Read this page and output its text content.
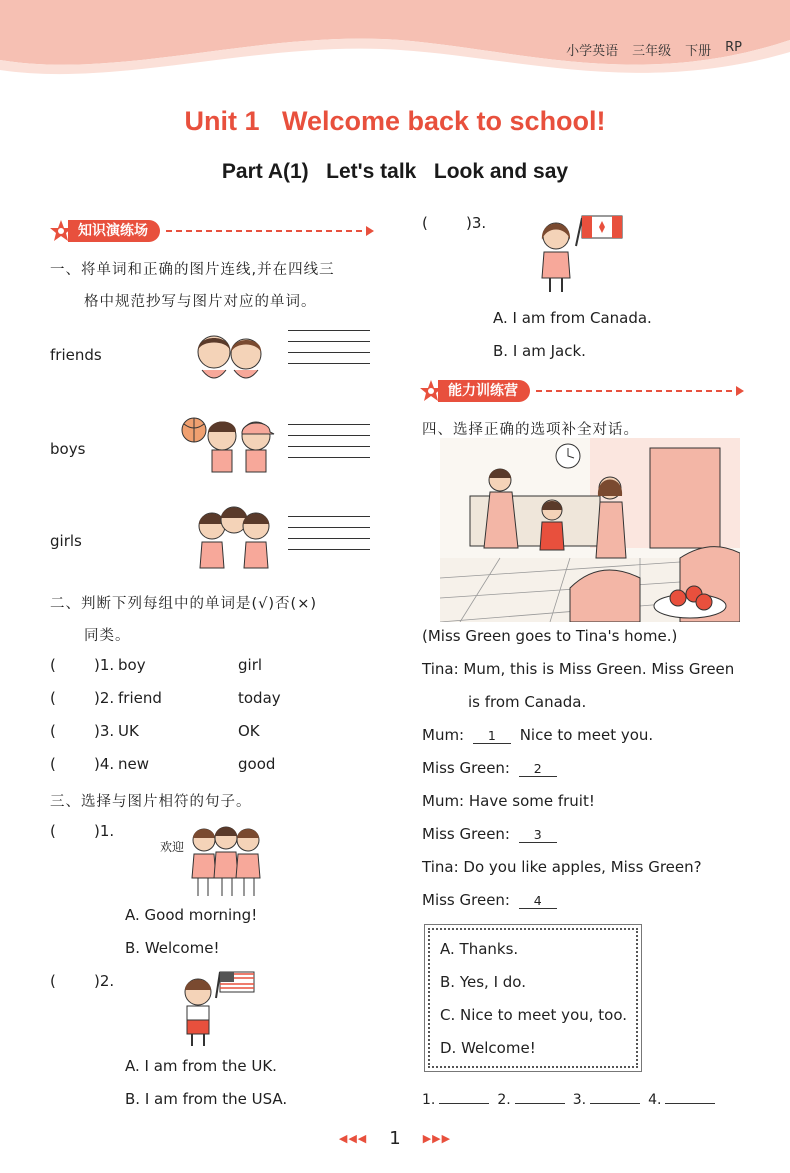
小学英语 三年级 下册 RP
Unit 1   Welcome back to school!
Part A(1)   Let's talk   Look and say
知识演练场
一、将单词和正确的图片连线,并在四线三
格中规范抄写与图片对应的单词。
friends
boys
girls
二、判断下列每组中的单词是(√)否(×)
同类。
( )1. boy	girl
( )2. friend	today
( )3. UK	OK
( )4. new	good
三、选择与图片相符的句子。
( )1.
欢迎
A. Good morning!
B. Welcome!
( )2.
A. I am from the UK.
B. I am from the USA.
( )3.
A. I am from Canada.
B. I am Jack.
能力训练营
四、选择正确的选项补全对话。
(Miss Green goes to Tina's home.)
Tina: Mum, this is Miss Green. Miss Green
is from Canada.
Mum: 1 Nice to meet you.
Miss Green: 2
Mum: Have some fruit!
Miss Green: 3
Tina: Do you like apples, Miss Green?
Miss Green: 4
A. Thanks.
B. Yes, I do.
C. Nice to meet you, too.
D. Welcome!
1.	2.	3.	4.
◀◀◀ 1 ▶▶▶
